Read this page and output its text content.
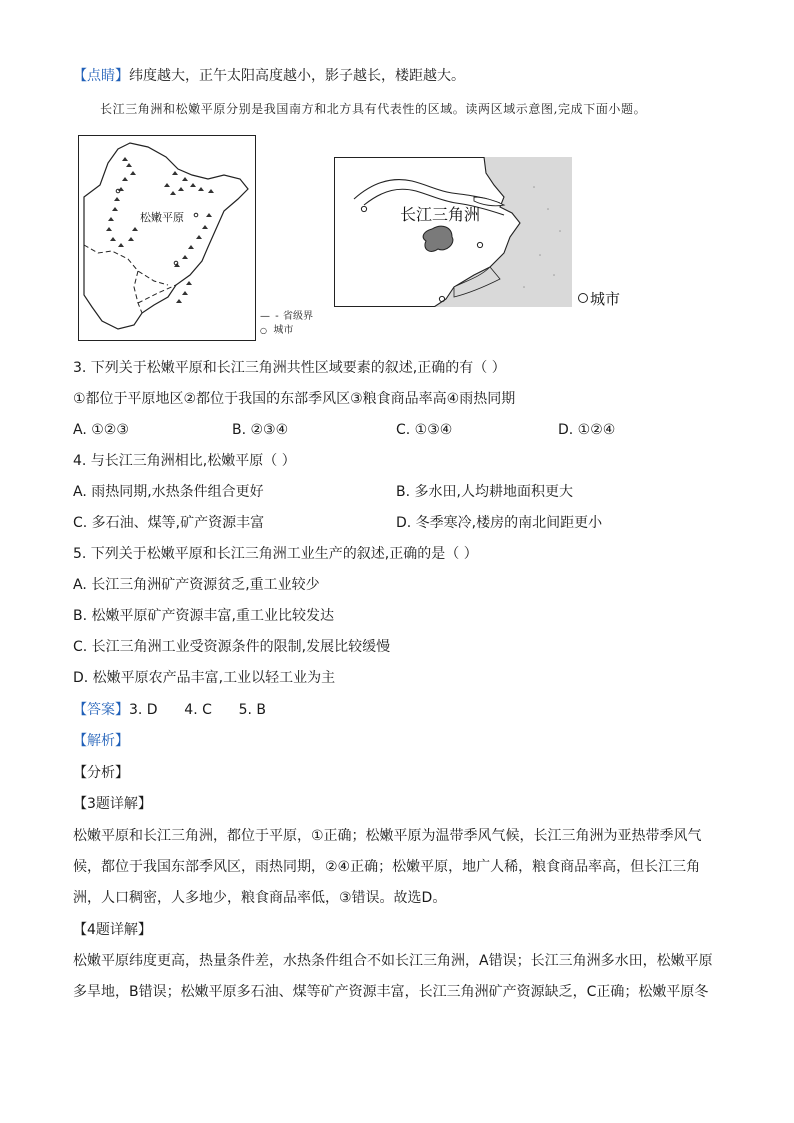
【点睛】纬度越大，正午太阳高度越小，影子越长，楼距越大。
长江三角洲和松嫩平原分别是我国南方和北方具有代表性的区域。读两区域示意图,完成下面小题。
松嫩平原
— - 省级界
○ 城市
长江三角洲
城市
3. 下列关于松嫩平原和长江三角洲共性区域要素的叙述,正确的有（ ）
①都位于平原地区②都位于我国的东部季风区③粮食商品率高④雨热同期
A. ①②③	B. ②③④	C. ①③④	D. ①②④
4. 与长江三角洲相比,松嫩平原（ ）
A. 雨热同期,水热条件组合更好	B. 多水田,人均耕地面积更大
C. 多石油、煤等,矿产资源丰富	D. 冬季寒冷,楼房的南北间距更小
5. 下列关于松嫩平原和长江三角洲工业生产的叙述,正确的是（ ）
A. 长江三角洲矿产资源贫乏,重工业较少
B. 松嫩平原矿产资源丰富,重工业比较发达
C. 长江三角洲工业受资源条件的限制,发展比较缓慢
D. 松嫩平原农产品丰富,工业以轻工业为主
【答案】3. D      4. C      5. B
【解析】
【分析】
【3题详解】
松嫩平原和长江三角洲，都位于平原，①正确；松嫩平原为温带季风气候，长江三角洲为亚热带季风气
候，都位于我国东部季风区，雨热同期，②④正确；松嫩平原，地广人稀，粮食商品率高，但长江三角
洲，人口稠密，人多地少，粮食商品率低，③错误。故选D。
【4题详解】
松嫩平原纬度更高，热量条件差，水热条件组合不如长江三角洲，A错误；长江三角洲多水田，松嫩平原
多旱地，B错误；松嫩平原多石油、煤等矿产资源丰富，长江三角洲矿产资源缺乏，C正确；松嫩平原冬
